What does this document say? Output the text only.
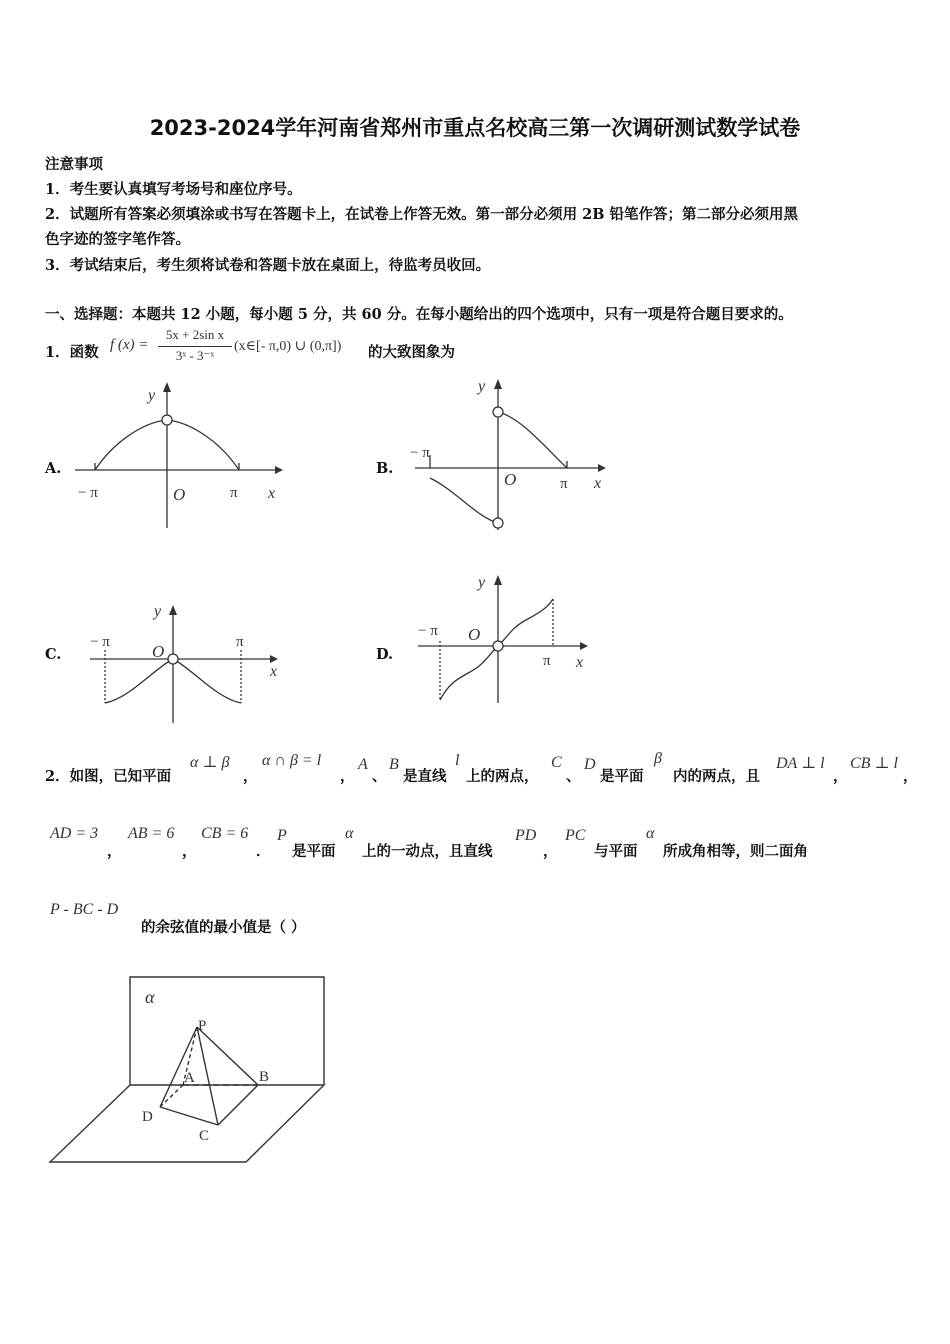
2023-2024学年河南省郑州市重点名校高三第一次调研测试数学试卷
注意事项
1．考生要认真填写考场号和座位序号。
2．试题所有答案必须填涂或书写在答题卡上，在试卷上作答无效。第一部分必须用 2B 铅笔作答；第二部分必须用黑
色字迹的签字笔作答。
3．考试结束后，考生须将试卷和答题卡放在桌面上，待监考员收回。
一、选择题：本题共 12 小题，每小题 5 分，共 60 分。在每小题给出的四个选项中，只有一项是符合题目要求的。
1．函数 f (x) =
5x + 2sin x
3ˣ - 3⁻ˣ
(x∈[- π,0) ∪ (0,π]) 的大致图象为
A.	B.
C.	D.
y
− π	O	π x
y
− π
O	π x
y
− π O	π
x
y
− π O
π x
2．如图，已知平面
α ⊥ β
，
α ∩ β = l
，
A
、
B
是直线
l
上的两点，
C
、
D
是平面
β
内的两点，且
DA ⊥ l
，
CB ⊥ l
，
AD = 3
，
AB = 6
，
CB = 6
．
P
是平面
α
上的一动点，且直线
PD
，
PC
与平面
α
所成角相等，则二面角
P - BC - D
的余弦值的最小值是（ ）
α
P
A	B
D
C
